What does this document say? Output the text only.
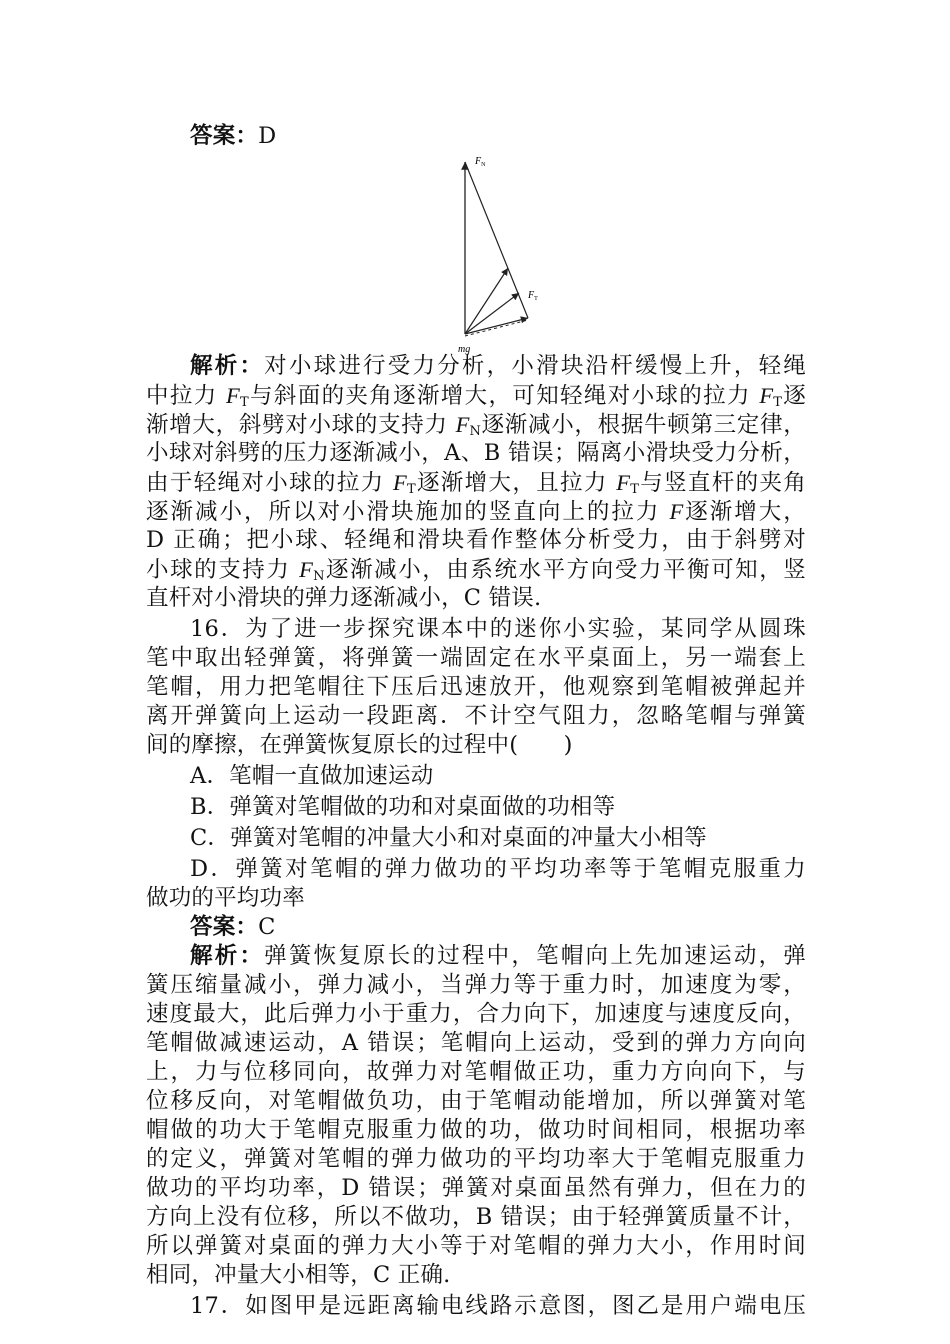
答案：D
$F_N$
$F_T$
mg
解析：对小球进行受力分析，小滑块沿杆缓慢上升，轻绳
中拉力 $F_T$与斜面的夹角逐渐增大，可知轻绳对小球的拉力 $F_T$逐
渐增大，斜劈对小球的支持力 $F_N$逐渐减小，根据牛顿第三定律，
小球对斜劈的压力逐渐减小，A、B 错误；隔离小滑块受力分析，
由于轻绳对小球的拉力 $F_T$逐渐增大，且拉力 $F_T$与竖直杆的夹角
逐渐减小，所以对小滑块施加的竖直向上的拉力 F逐渐增大，
D 正确；把小球、轻绳和滑块看作整体分析受力，由于斜劈对
小球的支持力 $F_N$逐渐减小，由系统水平方向受力平衡可知，竖
直杆对小滑块的弹力逐渐减小，C 错误.
16．为了进一步探究课本中的迷你小实验，某同学从圆珠
笔中取出轻弹簧，将弹簧一端固定在水平桌面上，另一端套上
笔帽，用力把笔帽往下压后迅速放开，他观察到笔帽被弹起并
离开弹簧向上运动一段距离．不计空气阻力，忽略笔帽与弹簧
间的摩擦，在弹簧恢复原长的过程中(　　)
A．笔帽一直做加速运动
B．弹簧对笔帽做的功和对桌面做的功相等
C．弹簧对笔帽的冲量大小和对桌面的冲量大小相等
D．弹簧对笔帽的弹力做功的平均功率等于笔帽克服重力
做功的平均功率
答案：C
解析：弹簧恢复原长的过程中，笔帽向上先加速运动，弹
簧压缩量减小，弹力减小，当弹力等于重力时，加速度为零，
速度最大，此后弹力小于重力，合力向下，加速度与速度反向，
笔帽做减速运动，A 错误；笔帽向上运动，受到的弹力方向向
上，力与位移同向，故弹力对笔帽做正功，重力方向向下，与
位移反向，对笔帽做负功，由于笔帽动能增加，所以弹簧对笔
帽做的功大于笔帽克服重力做的功，做功时间相同，根据功率
的定义，弹簧对笔帽的弹力做功的平均功率大于笔帽克服重力
做功的平均功率，D 错误；弹簧对桌面虽然有弹力，但在力的
方向上没有位移，所以不做功，B 错误；由于轻弹簧质量不计，
所以弹簧对桌面的弹力大小等于对笔帽的弹力大小，作用时间
相同，冲量大小相等，C 正确.
17．如图甲是远距离输电线路示意图，图乙是用户端电压
